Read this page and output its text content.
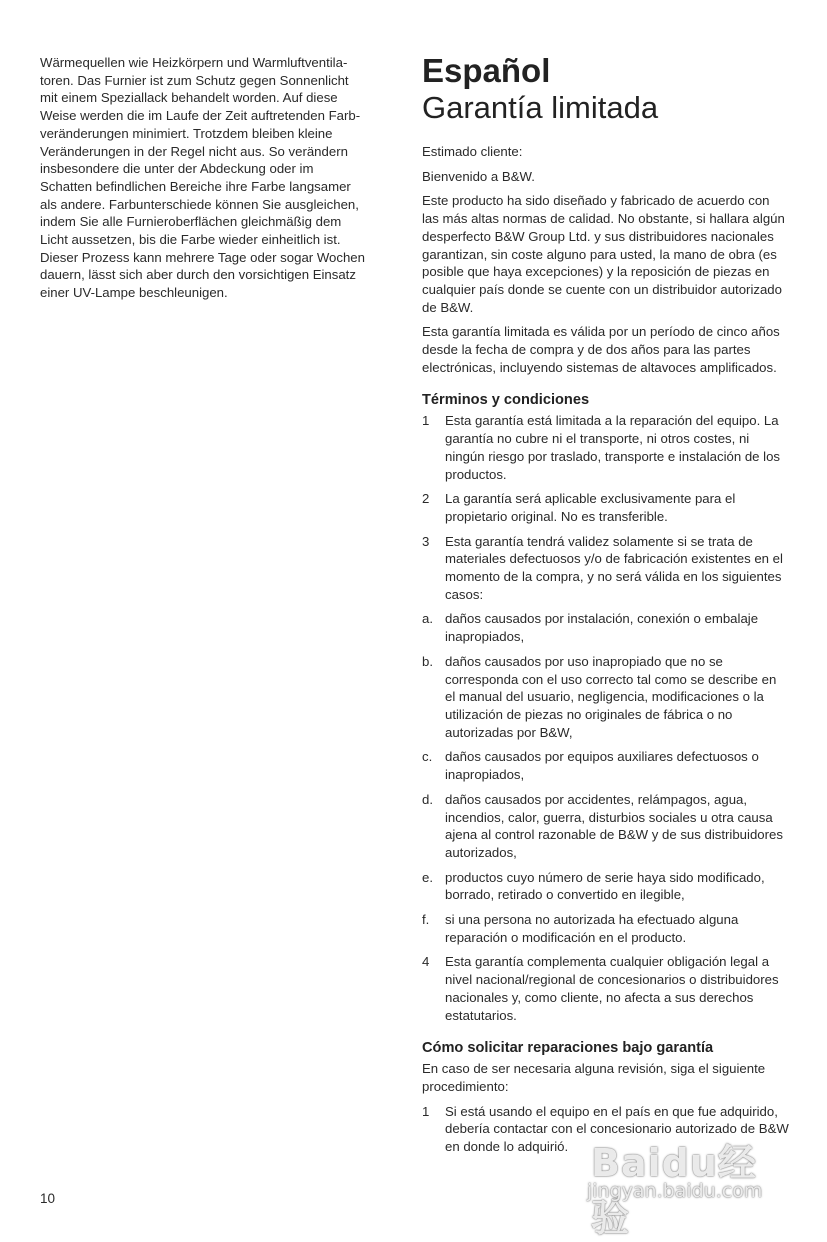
Wärmequellen wie Heizkörpern und Warmluftventila-

toren. Das Furnier ist zum Schutz gegen Sonnenlicht

mit einem Speziallack behandelt worden. Auf diese

Weise werden die im Laufe der Zeit auftretenden Farb-

veränderungen minimiert. Trotzdem bleiben kleine

Veränderungen in der Regel nicht aus. So verändern

insbesondere die unter der Abdeckung oder im

Schatten befindlichen Bereiche ihre Farbe langsamer

als andere. Farbunterschiede können Sie ausgleichen,

indem Sie alle Furnieroberflächen gleichmäßig dem

Licht aussetzen, bis die Farbe wieder einheitlich ist.

Dieser Prozess kann mehrere Tage oder sogar Wochen

dauern, lässt sich aber durch den vorsichtigen Einsatz

einer UV-Lampe beschleunigen.

Español
Garantía limitada

Estimado cliente:

Bienvenido a B&W.

Este producto ha sido diseñado y fabricado de acuerdo con las más altas normas de calidad. No obstante, si hallara algún desperfecto B&W Group Ltd. y sus distribuidores nacionales garantizan, sin coste alguno para usted, la mano de obra (es posible que haya excepciones) y la reposición de piezas en cualquier país donde se cuente con un distribuidor autorizado de B&W.

Esta garantía limitada es válida por un período de cinco años desde la fecha de compra y de dos años para las partes electrónicas, incluyendo sistemas de altavoces amplificados.

Términos y condiciones
1	Esta garantía está limitada a la reparación del equipo. La garantía no cubre ni el transporte, ni otros costes, ni ningún riesgo por traslado, transporte e instalación de los productos.
2	La garantía será aplicable exclusivamente para el propietario original. No es transferible.
3	Esta garantía tendrá validez solamente si se trata de materiales defectuosos y/o de fabricación existentes en el momento de la compra, y no será válida en los siguientes casos:
a. daños causados por instalación, conexión o embalaje inapropiados,
b. daños causados por uso inapropiado que no se corresponda con el uso correcto tal como se describe en el manual del usuario, negligencia, modificaciones o la utilización de piezas no originales de fábrica o no autorizadas por B&W,
c. daños causados por equipos auxiliares defectuosos o inapropiados,
d. daños causados por accidentes, relámpagos, agua, incendios, calor, guerra, disturbios sociales u otra causa ajena al control razonable de B&W y de sus distribuidores autorizados,
e. productos cuyo número de serie haya sido modificado, borrado, retirado o convertido en ilegible,
f.	si una persona no autorizada ha efectuado alguna reparación o modificación en el producto.
4	Esta garantía complementa cualquier obligación legal a nivel nacional/regional de concesionarios o distribuidores nacionales y, como cliente, no afecta a sus derechos estatutarios.
Cómo solicitar reparaciones bajo garantía

En caso de ser necesaria alguna revisión, siga el siguiente procedimiento:

1	Si está usando el equipo en el país en que fue adquirido, debería contactar con el concesionario autorizado de B&W en donde lo adquirió.
10
Baidu经验
jingyan.baidu.com
